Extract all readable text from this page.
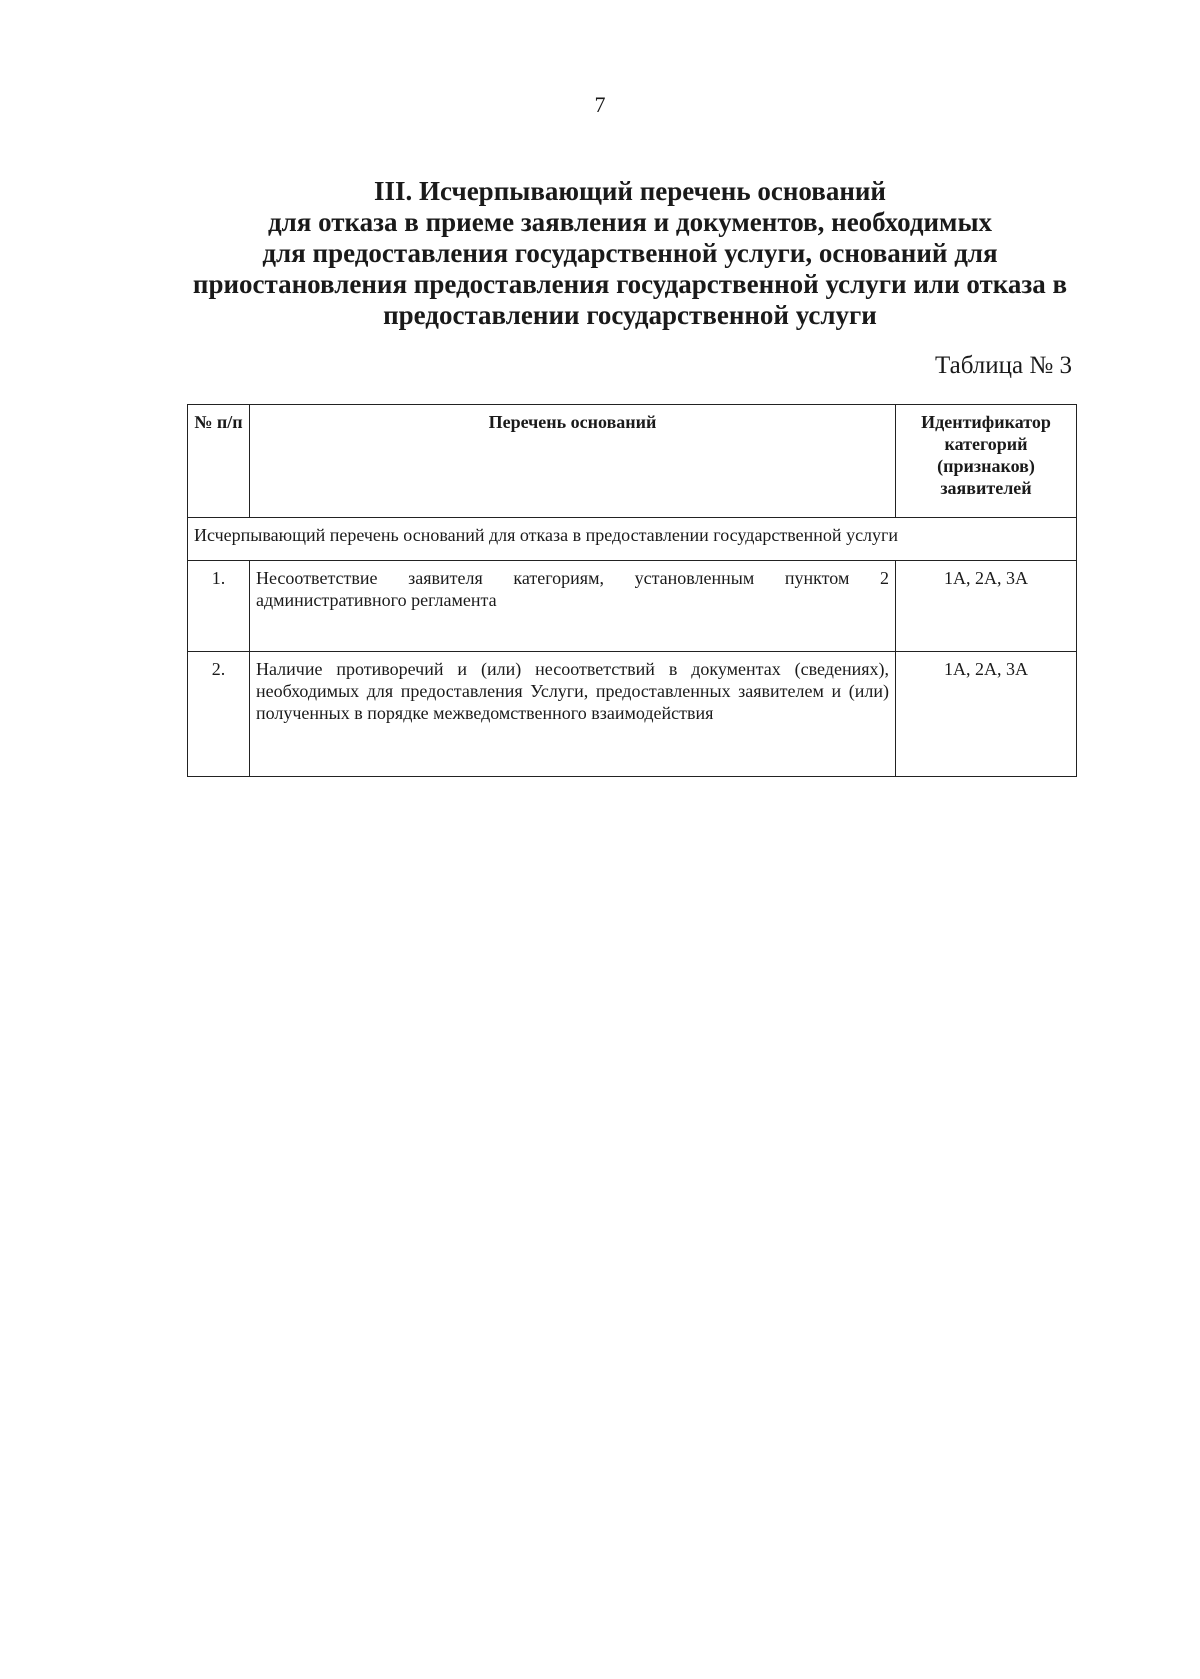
7
III. Исчерпывающий перечень оснований
для отказа в приеме заявления и документов, необходимых
для предоставления государственной услуги, оснований для
приостановления предоставления государственной услуги или отказа в
предоставлении государственной услуги
Таблица № 3
№ п/п	Перечень оснований	Идентификатор категорий (признаков) заявителей
Исчерпывающий перечень оснований для отказа в предоставлении государственной услуги		
1.	Несоответствие заявителя категориям, установленным пунктом 2 административного регламента	1А, 2А, 3А
2.	Наличие противоречий и (или) несоответствий в документах (сведениях), необходимых для предоставления Услуги, предоставленных заявителем и (или) полученных в порядке межведомственного взаимодействия	1А, 2А, 3А
